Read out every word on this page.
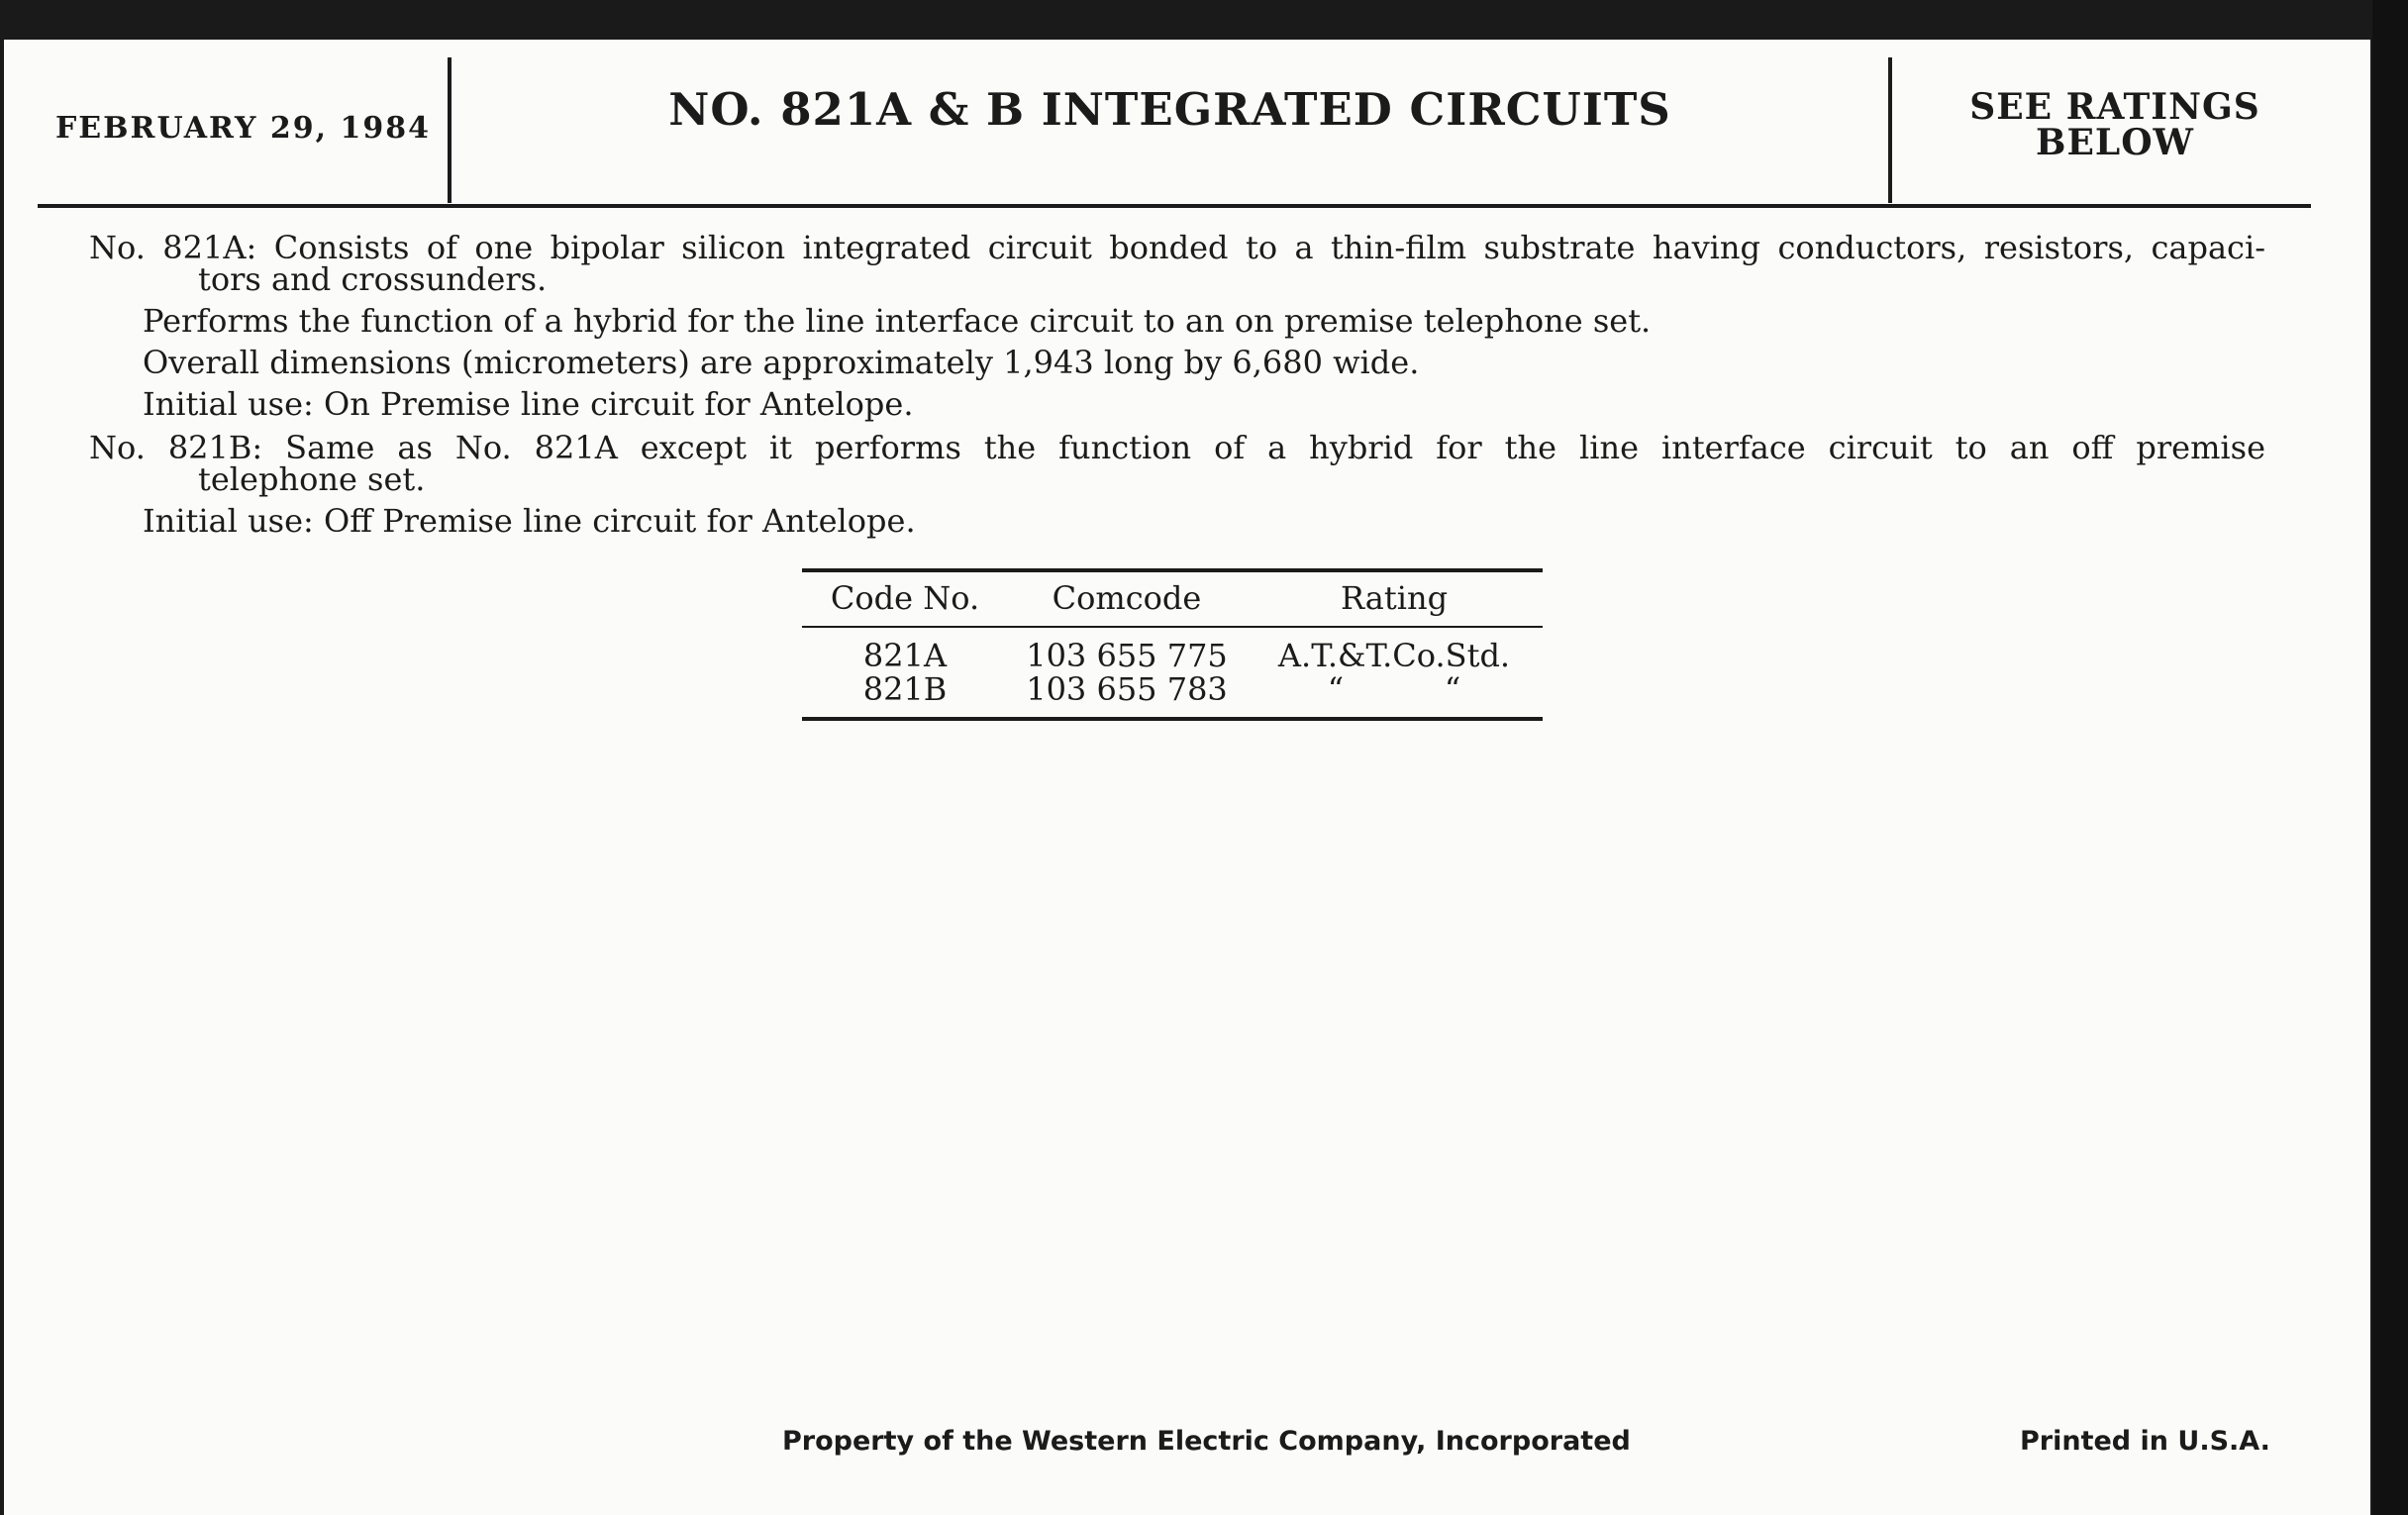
FEBRUARY 29, 1984	NO. 821A & B INTEGRATED CIRCUITS	SEE RATINGS
BELOW
No. 821A: Consists of one bipolar silicon integrated circuit bonded to a thin-film substrate having conductors, resistors, capaci-
tors and crossunders.
Performs the function of a hybrid for the line interface circuit to an on premise telephone set.
Overall dimensions (micrometers) are approximately 1,943 long by 6,680 wide.
Initial use: On Premise line circuit for Antelope.
No. 821B: Same as No. 821A except it performs the function of a hybrid for the line interface circuit to an off premise
telephone set.
Initial use: Off Premise line circuit for Antelope.
Code No.	Comcode	Rating
821A	103 655 775	A.T.&T.Co.Std.
821B	103 655 783	“          “
Property of the Western Electric Company, Incorporated	Printed in U.S.A.
